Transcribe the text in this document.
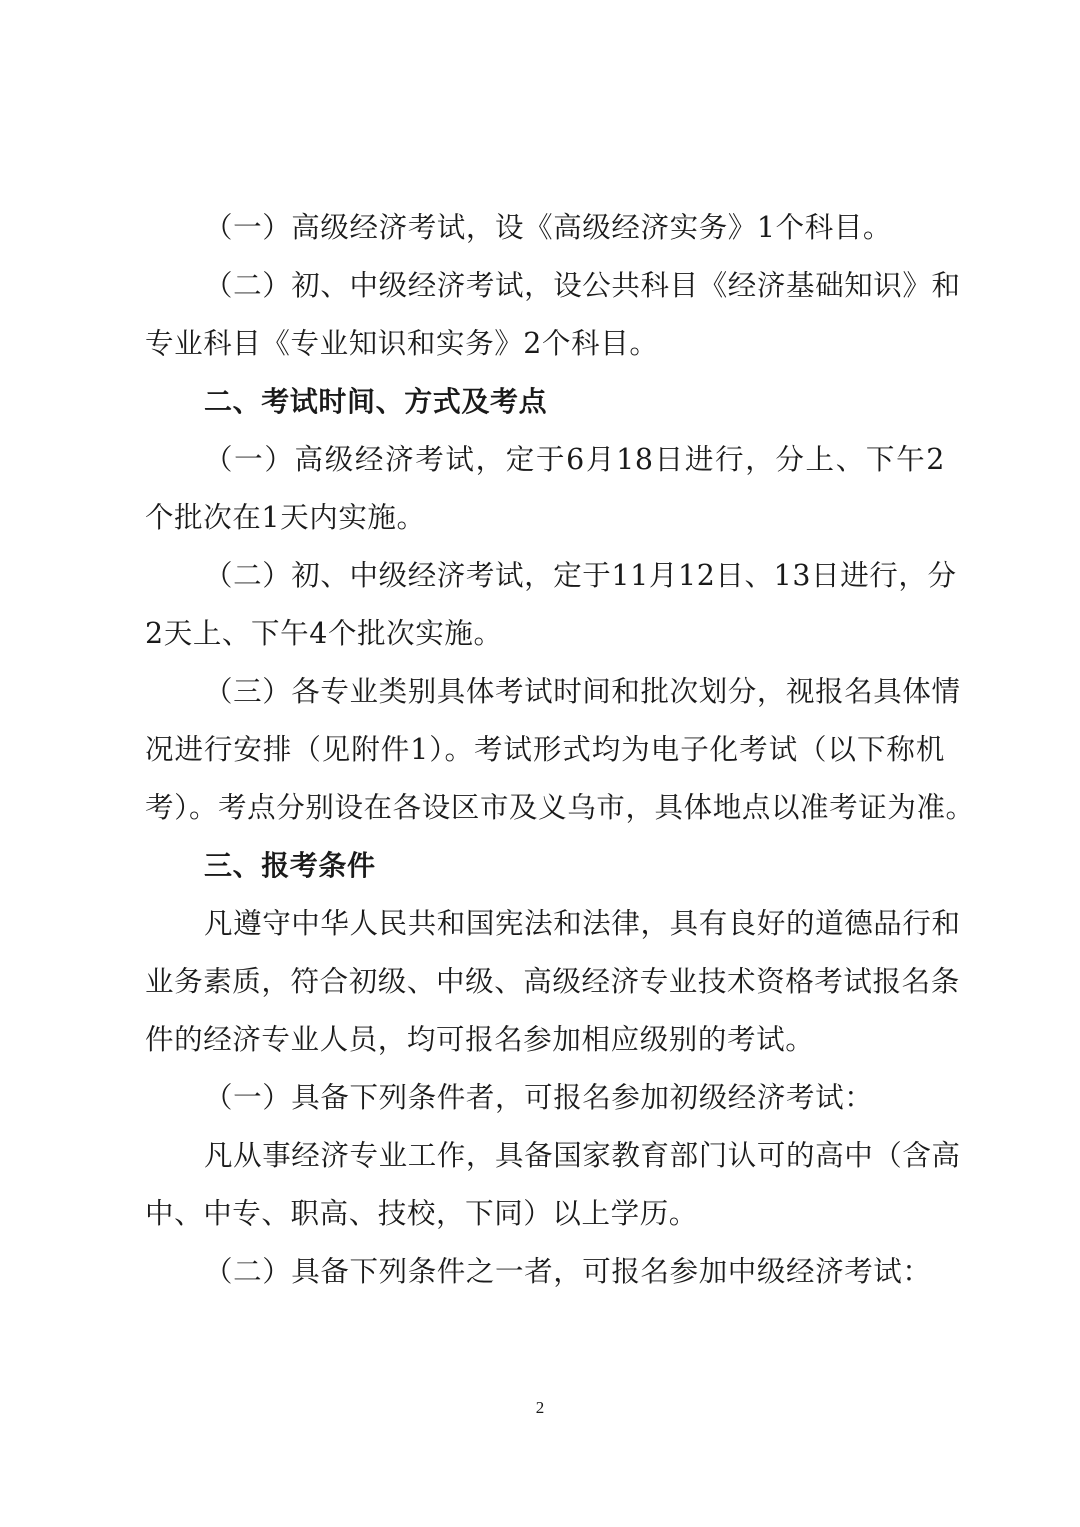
（一）高级经济考试，设《高级经济实务》1个科目。
（二）初、中级经济考试，设公共科目《经济基础知识》和
专业科目《专业知识和实务》2个科目。
二、考试时间、方式及考点
（一）高级经济考试，定于6月18日进行，分上、下午2
个批次在1天内实施。
（二）初、中级经济考试，定于11月12日、13日进行，分
2天上、下午4个批次实施。
（三）各专业类别具体考试时间和批次划分，视报名具体情
况进行安排（见附件1）。考试形式均为电子化考试（以下称机
考）。考点分别设在各设区市及义乌市，具体地点以准考证为准。
三、报考条件
凡遵守中华人民共和国宪法和法律，具有良好的道德品行和
业务素质，符合初级、中级、高级经济专业技术资格考试报名条
件的经济专业人员，均可报名参加相应级别的考试。
（一）具备下列条件者，可报名参加初级经济考试：
凡从事经济专业工作，具备国家教育部门认可的高中（含高
中、中专、职高、技校，下同）以上学历。
（二）具备下列条件之一者，可报名参加中级经济考试：
2
